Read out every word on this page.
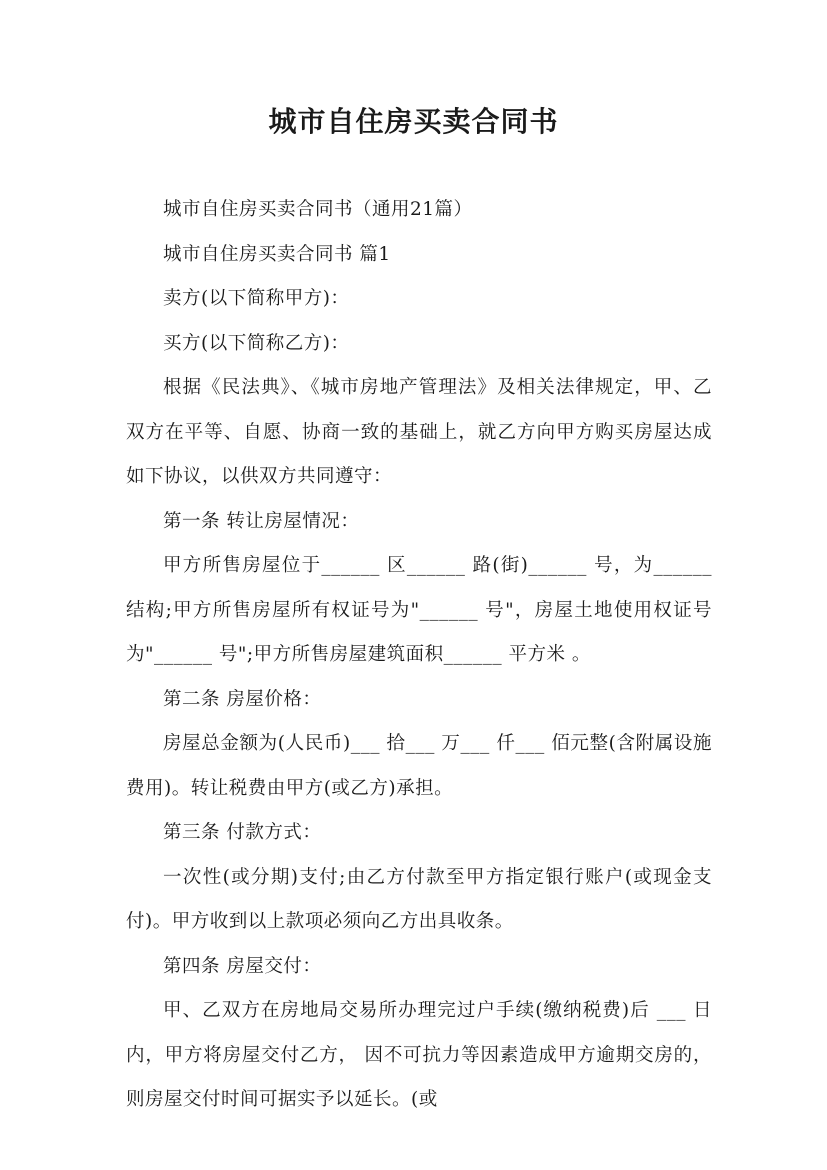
城市自住房买卖合同书

城市自住房买卖合同书（通用21篇）

城市自住房买卖合同书 篇1

卖方(以下简称甲方)：

买方(以下简称乙方)：

根据《民法典》、《城市房地产管理法》及相关法律规定，甲、乙双方在平等、自愿、协商一致的基础上，就乙方向甲方购买房屋达成如下协议，以供双方共同遵守：

第一条 转让房屋情况：

甲方所售房屋位于______ 区______ 路(街)______ 号，为______ 结构;甲方所售房屋所有权证号为"______ 号"，房屋土地使用权证号为"______ 号";甲方所售房屋建筑面积______ 平方米 。

第二条 房屋价格：

房屋总金额为(人民币)___ 拾___ 万___ 仟___ 佰元整(含附属设施费用)。转让税费由甲方(或乙方)承担。

第三条 付款方式：

一次性(或分期)支付;由乙方付款至甲方指定银行账户(或现金支付)。甲方收到以上款项必须向乙方出具收条。

第四条 房屋交付：

甲、乙双方在房地局交易所办理完过户手续(缴纳税费)后 ___ 日内，甲方将房屋交付乙方， 因不可抗力等因素造成甲方逾期交房的，则房屋交付时间可据实予以延长。(或
